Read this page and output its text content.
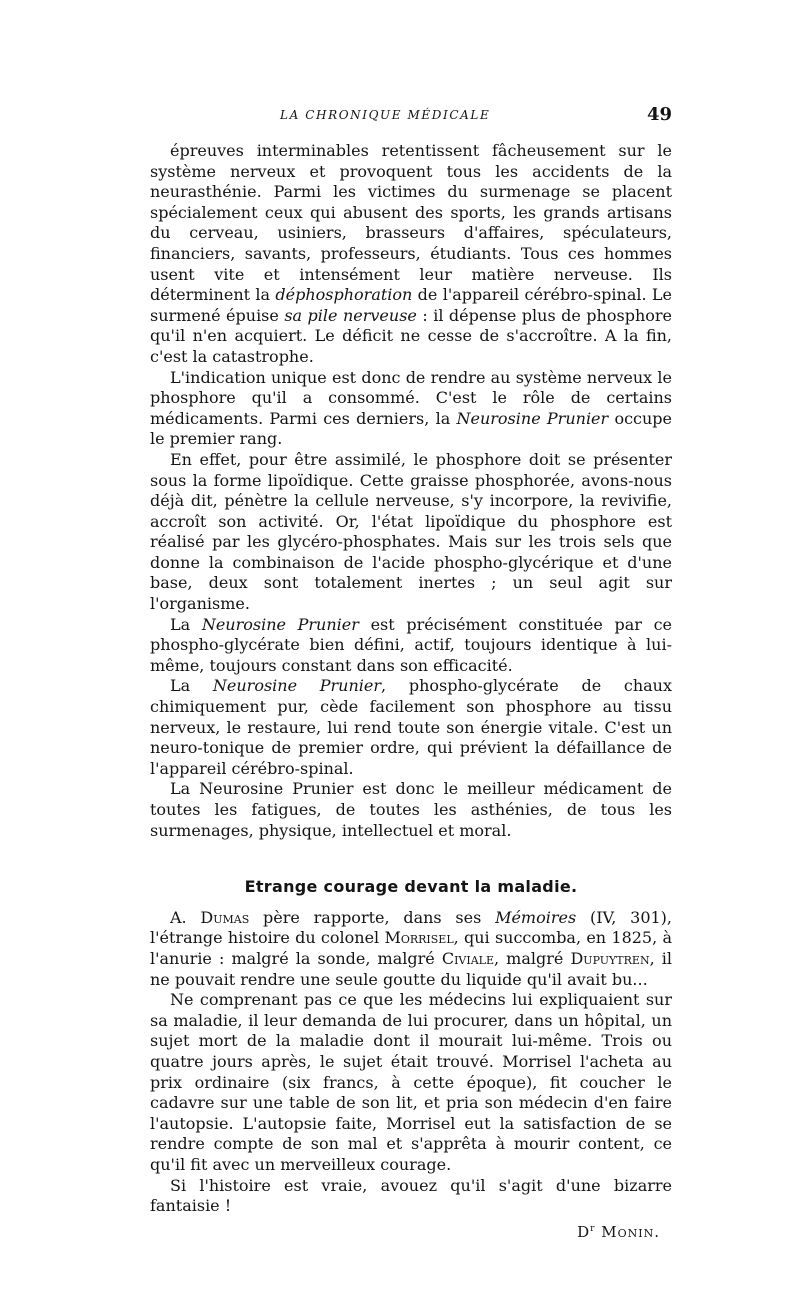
LA CHRONIQUE MÉDICALE	49

épreuves interminables retentissent fâcheusement sur le système nerveux et provoquent tous les accidents de la neurasthénie. Parmi les victimes du surmenage se placent spécialement ceux qui abusent des sports, les grands artisans du cerveau, usiniers, brasseurs d'affaires, spéculateurs, financiers, savants, professeurs, étudiants. Tous ces hommes usent vite et intensément leur matière nerveuse. Ils déterminent la déphosphoration de l'appareil cérébro-spinal. Le surmené épuise sa pile nerveuse : il dépense plus de phosphore qu'il n'en acquiert. Le déficit ne cesse de s'accroître. A la fin, c'est la catastrophe.

L'indication unique est donc de rendre au système nerveux le phosphore qu'il a consommé. C'est le rôle de certains médicaments. Parmi ces derniers, la Neurosine Prunier occupe le premier rang.

En effet, pour être assimilé, le phosphore doit se présenter sous la forme lipoïdique. Cette graisse phosphorée, avons-nous déjà dit, pénètre la cellule nerveuse, s'y incorpore, la revivifie, accroît son activité. Or, l'état lipoïdique du phosphore est réalisé par les glycéro-phosphates. Mais sur les trois sels que donne la combinaison de l'acide phospho-glycérique et d'une base, deux sont totalement inertes ; un seul agit sur l'organisme.

La Neurosine Prunier est précisément constituée par ce phospho-glycérate bien défini, actif, toujours identique à lui-même, toujours constant dans son efficacité.

La Neurosine Prunier, phospho-glycérate de chaux chimiquement pur, cède facilement son phosphore au tissu nerveux, le restaure, lui rend toute son énergie vitale. C'est un neuro-tonique de premier ordre, qui prévient la défaillance de l'appareil cérébro-spinal.

La Neurosine Prunier est donc le meilleur médicament de toutes les fatigues, de toutes les asthénies, de tous les surmenages, physique, intellectuel et moral.

Etrange courage devant la maladie.

A. Dumas père rapporte, dans ses Mémoires (IV, 301), l'étrange histoire du colonel Morrisel, qui succomba, en 1825, à l'anurie : malgré la sonde, malgré Civiale, malgré Dupuytren, il ne pouvait rendre une seule goutte du liquide qu'il avait bu...

Ne comprenant pas ce que les médecins lui expliquaient sur sa maladie, il leur demanda de lui procurer, dans un hôpital, un sujet mort de la maladie dont il mourait lui-même. Trois ou quatre jours après, le sujet était trouvé. Morrisel l'acheta au prix ordinaire (six francs, à cette époque), fit coucher le cadavre sur une table de son lit, et pria son médecin d'en faire l'autopsie. L'autopsie faite, Morrisel eut la satisfaction de se rendre compte de son mal et s'apprêta à mourir content, ce qu'il fit avec un merveilleux courage.

Si l'histoire est vraie, avouez qu'il s'agit d'une bizarre fantaisie !

$D^r$ Monin.
